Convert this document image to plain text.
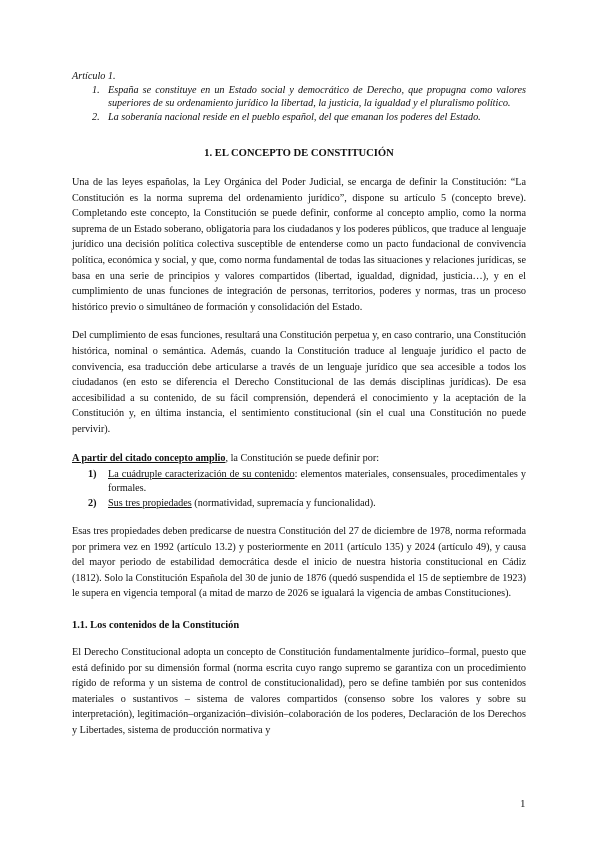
Artículo 1.

1. España se constituye en un Estado social y democrático de Derecho, que propugna como valores superiores de su ordenamiento jurídico la libertad, la justicia, la igualdad y el pluralismo político.
2. La soberanía nacional reside en el pueblo español, del que emanan los poderes del Estado.

1. EL CONCEPTO DE CONSTITUCIÓN

Una de las leyes españolas, la Ley Orgánica del Poder Judicial, se encarga de definir la Constitución: “La Constitución es la norma suprema del ordenamiento jurídico”, dispone su artículo 5 (concepto breve). Completando este concepto, la Constitución se puede definir, conforme al concepto amplio, como la norma suprema de un Estado soberano, obligatoria para los ciudadanos y los poderes públicos, que traduce al lenguaje jurídico una decisión política colectiva susceptible de entenderse como un pacto fundacional de convivencia política, económica y social, y que, como norma fundamental de todas las situaciones y relaciones jurídicas, se basa en una serie de principios y valores compartidos (libertad, igualdad, dignidad, justicia…), y en el cumplimiento de unas funciones de integración de personas, territorios, poderes y normas, tras un proceso histórico previo o simultáneo de formación y consolidación del Estado.

Del cumplimiento de esas funciones, resultará una Constitución perpetua y, en caso contrario, una Constitución histórica, nominal o semántica. Además, cuando la Constitución traduce al lenguaje jurídico el pacto de convivencia, esa traducción debe articularse a través de un lenguaje jurídico que sea accesible a todos los ciudadanos (en esto se diferencia el Derecho Constitucional de las demás disciplinas jurídicas). De esa accesibilidad a su contenido, de su fácil comprensión, dependerá el conocimiento y la aceptación de la Constitución y, en última instancia, el sentimiento constitucional (sin el cual una Constitución no puede pervivir).

A partir del citado concepto amplio, la Constitución se puede definir por:

1) La cuádruple caracterización de su contenido: elementos materiales, consensuales, procedimentales y formales.
2) Sus tres propiedades (normatividad, supremacía y funcionalidad).

Esas tres propiedades deben predicarse de nuestra Constitución del 27 de diciembre de 1978, norma reformada por primera vez en 1992 (artículo 13.2) y posteriormente en 2011 (artículo 135) y 2024 (artículo 49), y causa del mayor periodo de estabilidad democrática desde el inicio de nuestra historia constitucional en Cádiz (1812). Solo la Constitución Española del 30 de junio de 1876 (quedó suspendida el 15 de septiembre de 1923) le supera en vigencia temporal (a mitad de marzo de 2026 se igualará la vigencia de ambas Constituciones).

1.1. Los contenidos de la Constitución

El Derecho Constitucional adopta un concepto de Constitución fundamentalmente jurídico–formal, puesto que está definido por su dimensión formal (norma escrita cuyo rango supremo se garantiza con un procedimiento rígido de reforma y un sistema de control de constitucionalidad), pero se define también por sus contenidos materiales o sustantivos – sistema de valores compartidos (consenso sobre los valores y sobre su interpretación), legitimación–organización–división–colaboración de los poderes, Declaración de los Derechos y Libertades, sistema de producción normativa y

1
